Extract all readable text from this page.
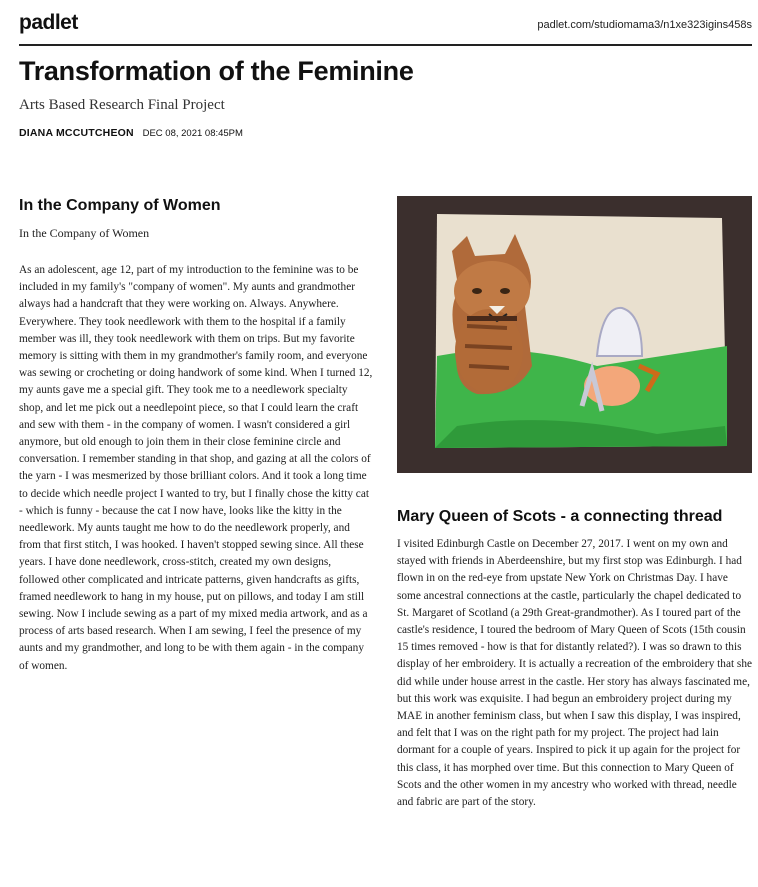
padlet	padlet.com/studiomama3/n1xe323igins458s
Transformation of the Feminine
Arts Based Research Final Project
DIANA MCCUTCHEON DEC 08, 2021 08:45PM
In the Company of Women
In the Company of Women

As an adolescent, age 12, part of my introduction to the feminine was to be included in my family's "company of women". My aunts and grandmother always had a handcraft that they were working on. Always. Anywhere. Everywhere. They took needlework with them to the hospital if a family member was ill, they took needlework with them on trips. But my favorite memory is sitting with them in my grandmother's family room, and everyone was sewing or crocheting or doing handwork of some kind. When I turned 12, my aunts gave me a special gift. They took me to a needlework specialty shop, and let me pick out a needlepoint piece, so that I could learn the craft and sew with them - in the company of women. I wasn't considered a girl anymore, but old enough to join them in their close feminine circle and conversation. I remember standing in that shop, and gazing at all the colors of the yarn - I was mesmerized by those brilliant colors. And it took a long time to decide which needle project I wanted to try, but I finally chose the kitty cat - which is funny - because the cat I now have, looks like the kitty in the needlework. My aunts taught me how to do the needlework properly, and from that first stitch, I was hooked. I haven't stopped sewing since. All these years. I have done needlework, cross-stitch, created my own designs, followed other complicated and intricate patterns, given handcrafts as gifts, framed needlework to hang in my house, put on pillows, and today I am still sewing. Now I include sewing as a part of my mixed media artwork, and as a process of arts based research. When I am sewing, I feel the presence of my aunts and my grandmother, and long to be with them again - in the company of women.

Mary Queen of Scots - a connecting thread

I visited Edinburgh Castle on December 27, 2017. I went on my own and stayed with friends in Aberdeenshire, but my first stop was Edinburgh. I had flown in on the red-eye from upstate New York on Christmas Day. I have some ancestral connections at the castle, particularly the chapel dedicated to St. Margaret of Scotland (a 29th Great-grandmother). As I toured part of the castle's residence, I toured the bedroom of Mary Queen of Scots (15th cousin 15 times removed - how is that for distantly related?). I was so drawn to this display of her embroidery. It is actually a recreation of the embroidery that she did while under house arrest in the castle. Her story has always fascinated me, but this work was exquisite. I had begun an embroidery project during my MAE in another feminism class, but when I saw this display, I was inspired, and felt that I was on the right path for my project. The project had lain dormant for a couple of years. Inspired to pick it up again for the project for this class, it has morphed over time. But this connection to Mary Queen of Scots and the other women in my ancestry who worked with thread, needle and fabric are part of the story.
